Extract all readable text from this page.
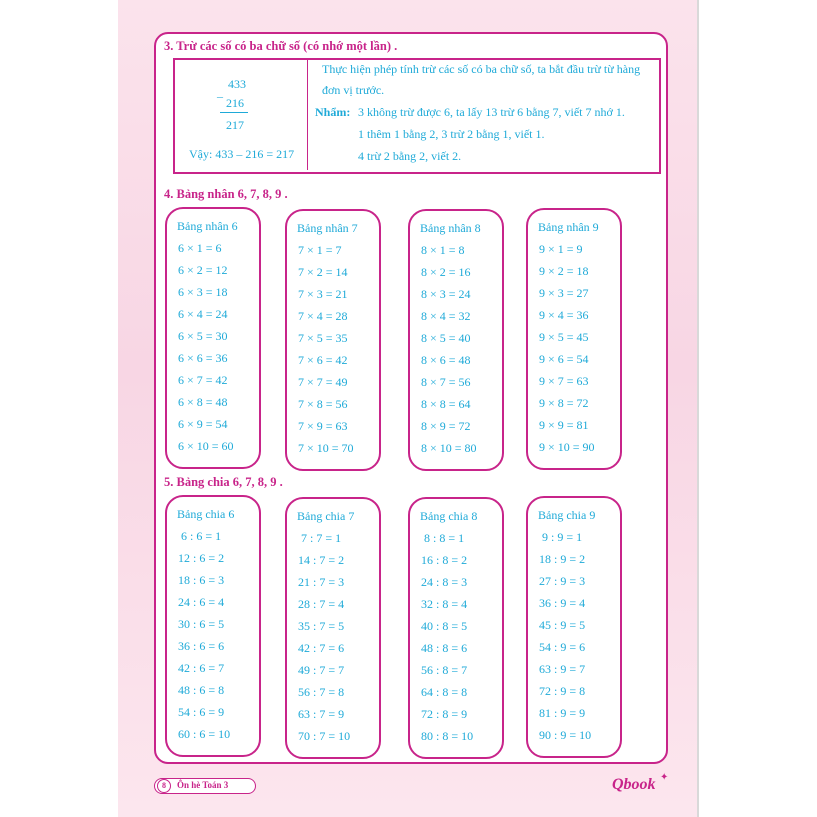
3. Trừ các số có ba chữ số (có nhớ một lần) .
433
_
216
217
Vậy: 433 – 216 = 217
Thực hiện phép tính trừ các số có ba chữ số, ta bắt đầu trừ từ hàng
đơn vị trước.
Nhẩm: 3 không trừ được 6, ta lấy 13 trừ 6 bằng 7, viết 7 nhớ 1.
1 thêm 1 bằng 2, 3 trừ 2 bằng 1, viết 1.
4 trừ 2 bằng 2, viết 2.
4. Bảng nhân 6, 7, 8, 9 .
Bảng nhân 6
6 × 1 = 6
6 × 2 = 12
6 × 3 = 18
6 × 4 = 24
6 × 5 = 30
6 × 6 = 36
6 × 7 = 42
6 × 8 = 48
6 × 9 = 54
6 × 10 = 60
Bảng nhân 7
7 × 1 = 7
7 × 2 = 14
7 × 3 = 21
7 × 4 = 28
7 × 5 = 35
7 × 6 = 42
7 × 7 = 49
7 × 8 = 56
7 × 9 = 63
7 × 10 = 70
Bảng nhân 8
8 × 1 = 8
8 × 2 = 16
8 × 3 = 24
8 × 4 = 32
8 × 5 = 40
8 × 6 = 48
8 × 7 = 56
8 × 8 = 64
8 × 9 = 72
8 × 10 = 80
Bảng nhân 9
9 × 1 = 9
9 × 2 = 18
9 × 3 = 27
9 × 4 = 36
9 × 5 = 45
9 × 6 = 54
9 × 7 = 63
9 × 8 = 72
9 × 9 = 81
9 × 10 = 90
5. Bảng chia 6, 7, 8, 9 .
Bảng chia 6
6 : 6 = 1
12 : 6 = 2
18 : 6 = 3
24 : 6 = 4
30 : 6 = 5
36 : 6 = 6
42 : 6 = 7
48 : 6 = 8
54 : 6 = 9
60 : 6 = 10
Bảng chia 7
7 : 7 = 1
14 : 7 = 2
21 : 7 = 3
28 : 7 = 4
35 : 7 = 5
42 : 7 = 6
49 : 7 = 7
56 : 7 = 8
63 : 7 = 9
70 : 7 = 10
Bảng chia 8
8 : 8 = 1
16 : 8 = 2
24 : 8 = 3
32 : 8 = 4
40 : 8 = 5
48 : 8 = 6
56 : 8 = 7
64 : 8 = 8
72 : 8 = 9
80 : 8 = 10
Bảng chia 9
9 : 9 = 1
18 : 9 = 2
27 : 9 = 3
36 : 9 = 4
45 : 9 = 5
54 : 9 = 6
63 : 9 = 7
72 : 9 = 8
81 : 9 = 9
90 : 9 = 10
8	Ôn hè Toán 3	Qbook ✦
